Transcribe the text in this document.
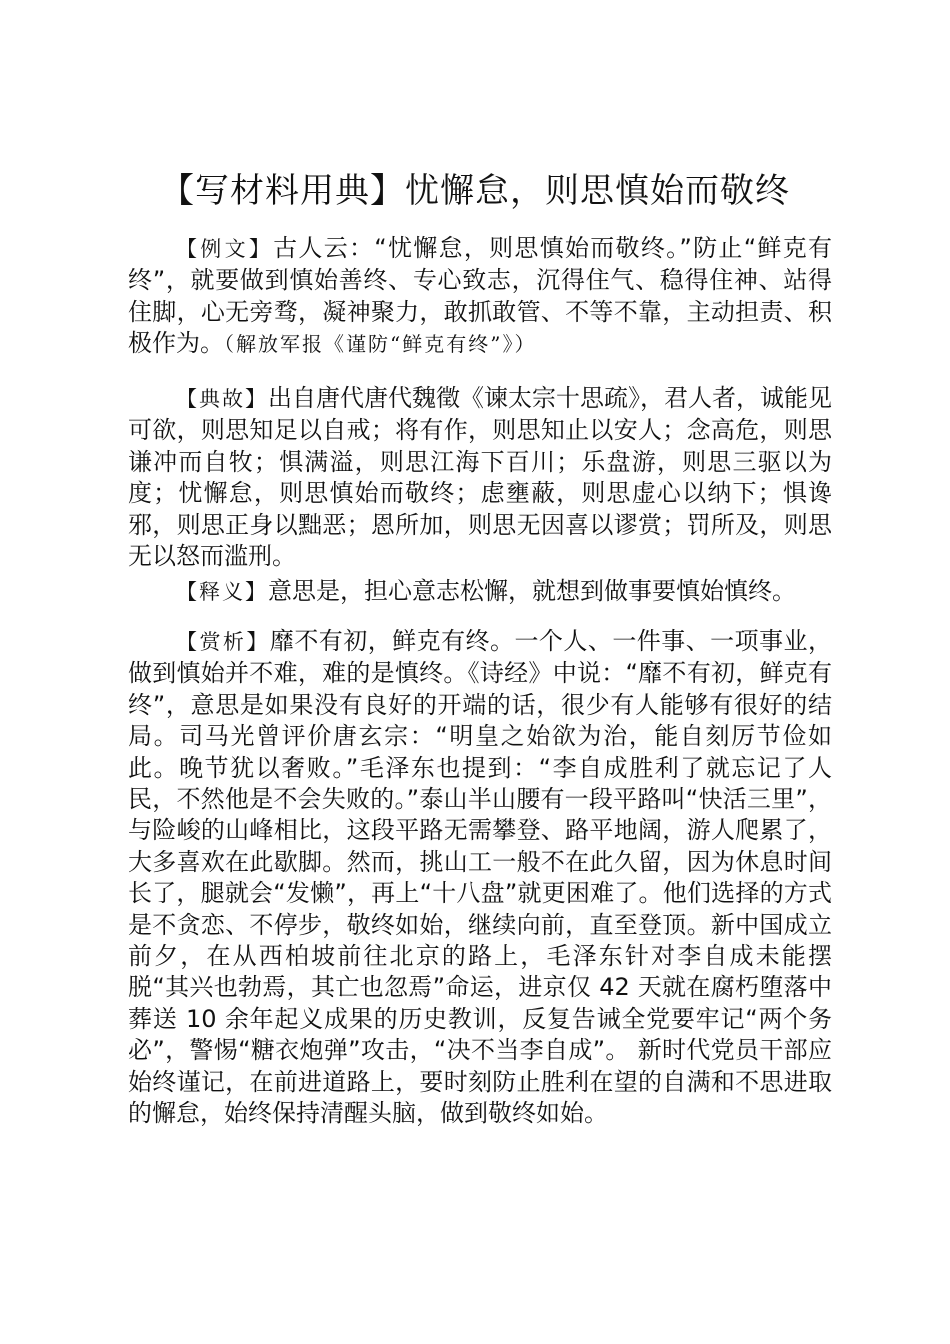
【写材料用典】忧懈怠，则思慎始而敬终

【例文】古人云：“忧懈怠，则思慎始而敬终。”防止“鲜克有终”，就要做到慎始善终、专心致志，沉得住气、稳得住神、站得住脚，心无旁骛，凝神聚力，敢抓敢管、不等不靠，主动担责、积极作为。（解放军报《谨防“鲜克有终”》）

【典故】出自唐代唐代魏徵《谏太宗十思疏》，君人者，诚能见可欲，则思知足以自戒；将有作，则思知止以安人；念高危，则思谦冲而自牧；惧满溢，则思江海下百川；乐盘游，则思三驱以为度；忧懈怠，则思慎始而敬终；虑壅蔽，则思虚心以纳下；惧谗邪，则思正身以黜恶；恩所加，则思无因喜以谬赏；罚所及，则思无以怒而滥刑。

【释义】意思是，担心意志松懈，就想到做事要慎始慎终。

【赏析】靡不有初，鲜克有终。一个人、一件事、一项事业，做到慎始并不难，难的是慎终。《诗经》中说：“靡不有初，鲜克有终”，意思是如果没有良好的开端的话，很少有人能够有很好的结局。司马光曾评价唐玄宗：“明皇之始欲为治，能自刻厉节俭如此。晚节犹以奢败。”毛泽东也提到：“李自成胜利了就忘记了人民，不然他是不会失败的。”泰山半山腰有一段平路叫“快活三里”，与险峻的山峰相比，这段平路无需攀登、路平地阔，游人爬累了，大多喜欢在此歇脚。然而，挑山工一般不在此久留，因为休息时间长了，腿就会“发懒”，再上“十八盘”就更困难了。他们选择的方式是不贪恋、不停步，敬终如始，继续向前，直至登顶。新中国成立前夕，在从西柏坡前往北京的路上，毛泽东针对李自成未能摆脱“其兴也勃焉，其亡也忽焉”命运，进京仅 42 天就在腐朽堕落中葬送 10 余年起义成果的历史教训，反复告诫全党要牢记“两个务必”，警惕“糖衣炮弹”攻击，“决不当李自成”。 新时代党员干部应始终谨记，在前进道路上，要时刻防止胜利在望的自满和不思进取的懈怠，始终保持清醒头脑，做到敬终如始。
